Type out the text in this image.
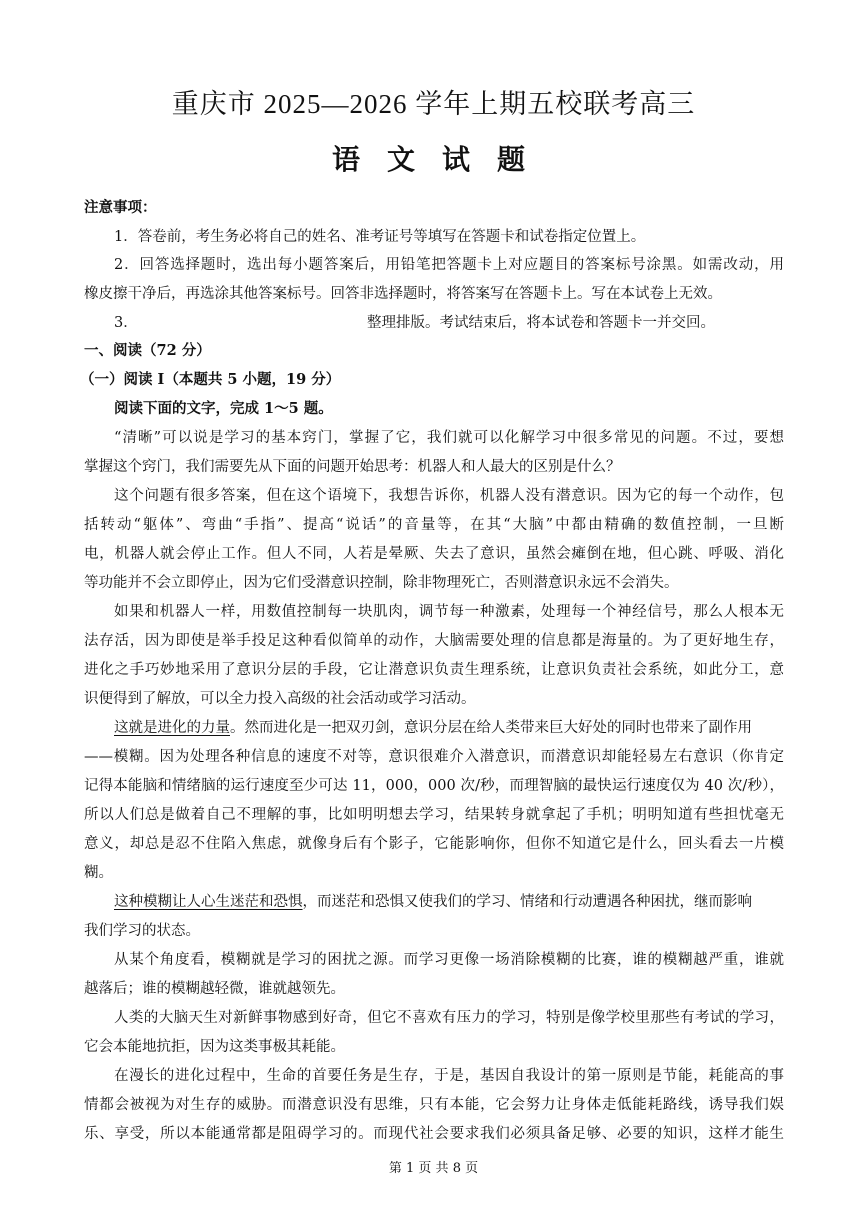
重庆市 2025—2026 学年上期五校联考高三
语 文 试 题
注意事项：
1．答卷前，考生务必将自己的姓名、准考证号等填写在答题卡和试卷指定位置上。
2．回答选择题时，选出每小题答案后，用铅笔把答题卡上对应题目的答案标号涂黑。如需改动，用
橡皮擦干净后，再选涂其他答案标号。回答非选择题时，将答案写在答题卡上。写在本试卷上无效。
3．	整理排版。考试结束后，将本试卷和答题卡一并交回。
一、阅读（72 分）
（一）阅读 I（本题共 5 小题，19 分）
阅读下面的文字，完成 1～5 题。
“清晰”可以说是学习的基本窍门，掌握了它，我们就可以化解学习中很多常见的问题。不过，要想
掌握这个窍门，我们需要先从下面的问题开始思考：机器人和人最大的区别是什么？
这个问题有很多答案，但在这个语境下，我想告诉你，机器人没有潜意识。因为它的每一个动作，包
括转动“躯体”、弯曲“手指”、提高“说话”的音量等，在其“大脑”中都由精确的数值控制，一旦断
电，机器人就会停止工作。但人不同，人若是晕厥、失去了意识，虽然会瘫倒在地，但心跳、呼吸、消化
等功能并不会立即停止，因为它们受潜意识控制，除非物理死亡，否则潜意识永远不会消失。
如果和机器人一样，用数值控制每一块肌肉，调节每一种激素，处理每一个神经信号，那么人根本无
法存活，因为即使是举手投足这种看似简单的动作，大脑需要处理的信息都是海量的。为了更好地生存，
进化之手巧妙地采用了意识分层的手段，它让潜意识负责生理系统，让意识负责社会系统，如此分工，意
识便得到了解放，可以全力投入高级的社会活动或学习活动。
这就是进化的力量。然而进化是一把双刃剑，意识分层在给人类带来巨大好处的同时也带来了副作用
——模糊。因为处理各种信息的速度不对等，意识很难介入潜意识，而潜意识却能轻易左右意识（你肯定
记得本能脑和情绪脑的运行速度至少可达 11，000，000 次/秒，而理智脑的最快运行速度仅为 40 次/秒），
所以人们总是做着自己不理解的事，比如明明想去学习，结果转身就拿起了手机；明明知道有些担忧毫无
意义，却总是忍不住陷入焦虑，就像身后有个影子，它能影响你，但你不知道它是什么，回头看去一片模
糊。
这种模糊让人心生迷茫和恐惧，而迷茫和恐惧又使我们的学习、情绪和行动遭遇各种困扰，继而影响
我们学习的状态。
从某个角度看，模糊就是学习的困扰之源。而学习更像一场消除模糊的比赛，谁的模糊越严重，谁就
越落后；谁的模糊越轻微，谁就越领先。
人类的大脑天生对新鲜事物感到好奇，但它不喜欢有压力的学习，特别是像学校里那些有考试的学习，
它会本能地抗拒，因为这类事极其耗能。
在漫长的进化过程中，生命的首要任务是生存，于是，基因自我设计的第一原则是节能，耗能高的事
情都会被视为对生存的威胁。而潜意识没有思维，只有本能，它会努力让身体走低能耗路线，诱导我们娱
乐、享受，所以本能通常都是阻碍学习的。而现代社会要求我们必须具备足够、必要的知识，这样才能生
第 1 页 共 8 页
